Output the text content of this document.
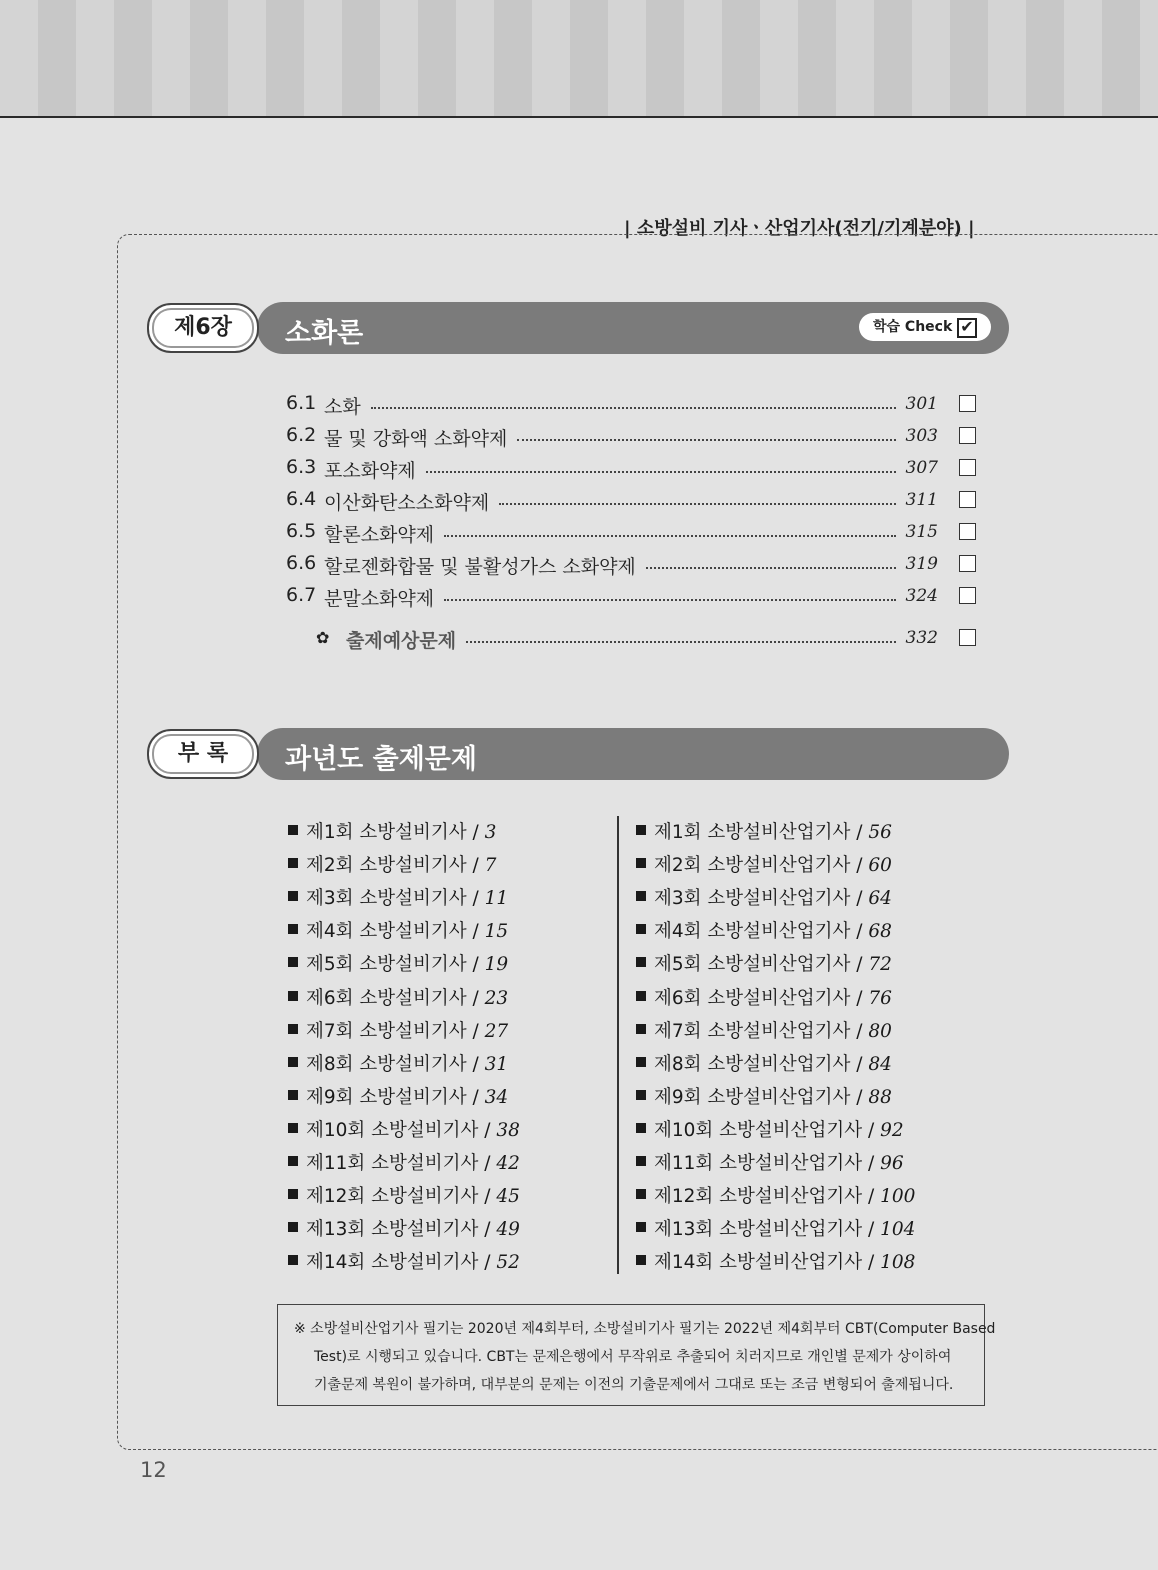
| 소방설비 기사ㆍ산업기사(전기/기계분야) |
소화론
제6장	학습 Check ✔
6.1 소화	301
6.2 물 및 강화액 소화약제	303
6.3 포소화약제	307
6.4 이산화탄소소화약제	311
6.5 할론소화약제	315
6.6 할로젠화합물 및 불활성가스 소화약제	319
6.7 분말소화약제	324
✿ 출제예상문제	332
과년도 출제문제
부 록
제1회 소방설비기사 / 3
제2회 소방설비기사 / 7
제3회 소방설비기사 / 11
제4회 소방설비기사 / 15
제5회 소방설비기사 / 19
제6회 소방설비기사 / 23
제7회 소방설비기사 / 27
제8회 소방설비기사 / 31
제9회 소방설비기사 / 34
제10회 소방설비기사 / 38
제11회 소방설비기사 / 42
제12회 소방설비기사 / 45
제13회 소방설비기사 / 49
제14회 소방설비기사 / 52
제1회 소방설비산업기사 / 56
제2회 소방설비산업기사 / 60
제3회 소방설비산업기사 / 64
제4회 소방설비산업기사 / 68
제5회 소방설비산업기사 / 72
제6회 소방설비산업기사 / 76
제7회 소방설비산업기사 / 80
제8회 소방설비산업기사 / 84
제9회 소방설비산업기사 / 88
제10회 소방설비산업기사 / 92
제11회 소방설비산업기사 / 96
제12회 소방설비산업기사 / 100
제13회 소방설비산업기사 / 104
제14회 소방설비산업기사 / 108

※ 소방설비산업기사 필기는 2020년 제4회부터, 소방설비기사 필기는 2022년 제4회부터 CBT(Computer Based

Test)로 시행되고 있습니다. CBT는 문제은행에서 무작위로 추출되어 치러지므로 개인별 문제가 상이하여

기출문제 복원이 불가하며, 대부분의 문제는 이전의 기출문제에서 그대로 또는 조금 변형되어 출제됩니다.

12
